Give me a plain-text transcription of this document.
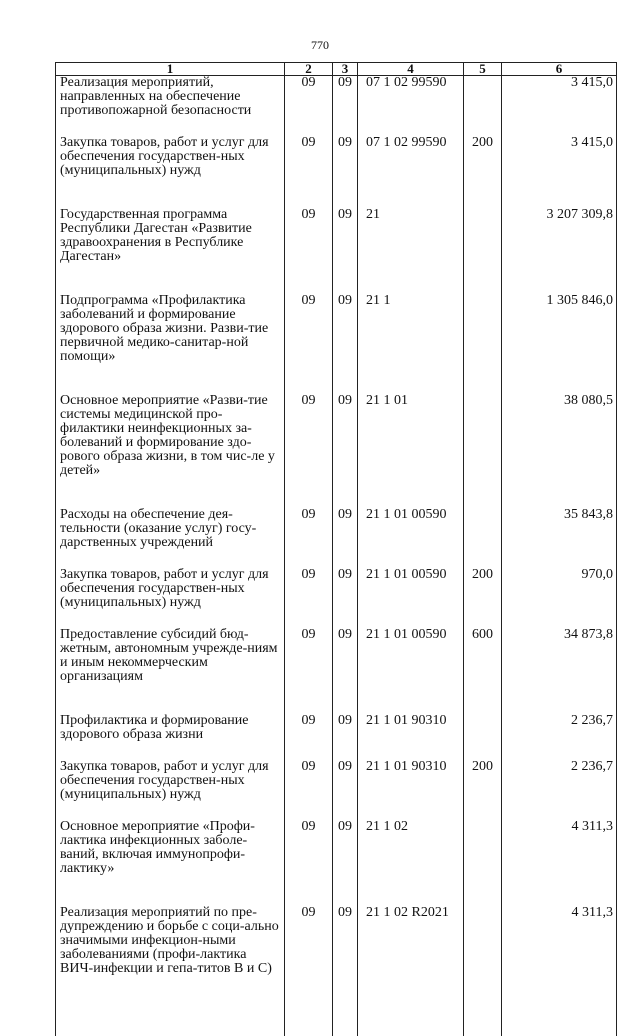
770
1	2	3	4	5	6
Реализация мероприятий, направленных на обеспечение противопожарной безопасности	09	09	07 1 02 99590		3 415,0
Закупка товаров, работ и услуг для обеспечения государствен-ных (муниципальных) нужд	09	09	07 1 02 99590	200	3 415,0
Государственная программа Республики Дагестан «Развитие здравоохранения в Республике Дагестан»	09	09	21		3 207 309,8
Подпрограмма «Профилактика заболеваний и формирование здорового образа жизни. Разви-тие первичной медико-санитар-ной помощи»	09	09	21 1		1 305 846,0
Основное мероприятие «Разви-тие системы медицинской про-филактики неинфекционных за-болеваний и формирование здо-рового образа жизни, в том чис-ле у детей»	09	09	21 1 01		38 080,5
Расходы на обеспечение дея-тельности (оказание услуг) госу-дарственных учреждений	09	09	21 1 01 00590		35 843,8
Закупка товаров, работ и услуг для обеспечения государствен-ных (муниципальных) нужд	09	09	21 1 01 00590	200	970,0
Предоставление субсидий бюд-жетным, автономным учрежде-ниям и иным некоммерческим организациям	09	09	21 1 01 00590	600	34 873,8
Профилактика и формирование здорового образа жизни	09	09	21 1 01 90310		2 236,7
Закупка товаров, работ и услуг для обеспечения государствен-ных (муниципальных) нужд	09	09	21 1 01 90310	200	2 236,7
Основное мероприятие «Профи-лактика инфекционных заболе-ваний, включая иммунопрофи-лактику»	09	09	21 1 02		4 311,3
Реализация мероприятий по пре-дупреждению и борьбе с соци-ально значимыми инфекцион-ными заболеваниями (профи-лактика ВИЧ-инфекции и гепа-титов В и С)	09	09	21 1 02 R2021		4 311,3
